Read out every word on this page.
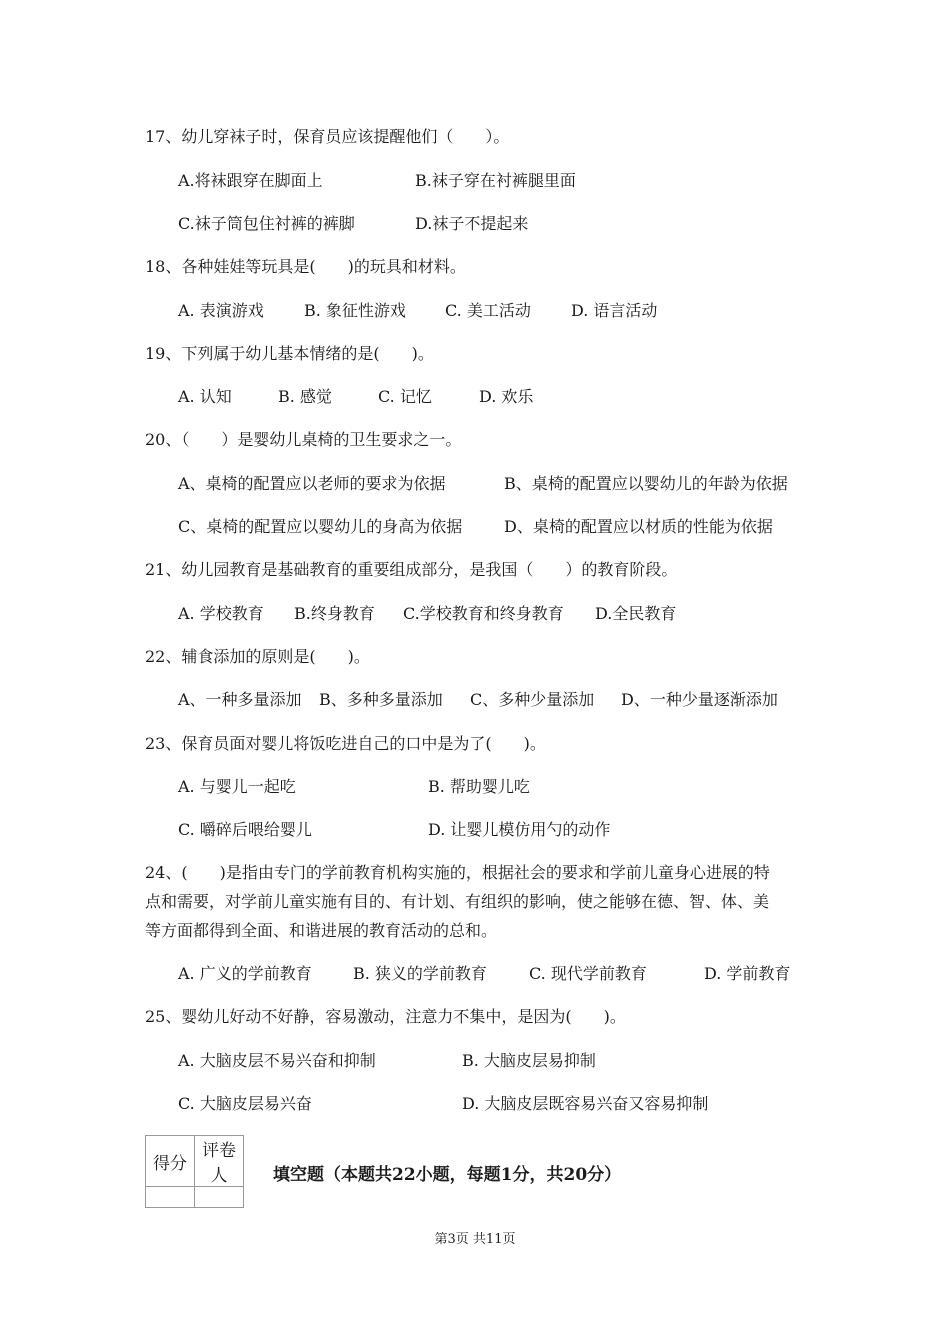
17、幼儿穿袜子时，保育员应该提醒他们（　　）。
A.将袜跟穿在脚面上	B.袜子穿在衬裤腿里面
C.袜子筒包住衬裤的裤脚	D.袜子不提起来
18、各种娃娃等玩具是(　　)的玩具和材料。
A. 表演游戏	B. 象征性游戏 C. 美工活动	D. 语言活动
19、下列属于幼儿基本情绪的是(　　)。
A. 认知	B. 感觉	C. 记忆	D. 欢乐
20、（　　）是婴幼儿桌椅的卫生要求之一。
A、桌椅的配置应以老师的要求为依据	B、桌椅的配置应以婴幼儿的年龄为依据
C、桌椅的配置应以婴幼儿的身高为依据	D、桌椅的配置应以材质的性能为依据
21、幼儿园教育是基础教育的重要组成部分，是我国（　　）的教育阶段。
A. 学校教育 B.终身教育 C.学校教育和终身教育 D.全民教育
22、辅食添加的原则是(　　)。
A、一种多量添加 B、多种多量添加 C、多种少量添加 D、一种少量逐渐添加
23、保育员面对婴儿将饭吃进自己的口中是为了(　　)。
A. 与婴儿一起吃	B. 帮助婴儿吃
C. 嚼碎后喂给婴儿	D. 让婴儿模仿用勺的动作
24、(　　)是指由专门的学前教育机构实施的，根据社会的要求和学前儿童身心进展的特
点和需要，对学前儿童实施有目的、有计划、有组织的影响，使之能够在德、智、体、美
等方面都得到全面、和谐进展的教育活动的总和。
A. 广义的学前教育	B. 狭义的学前教育	C. 现代学前教育	D. 学前教育
25、婴幼儿好动不好静，容易激动，注意力不集中，是因为(　　)。
A. 大脑皮层不易兴奋和抑制	B. 大脑皮层易抑制
C. 大脑皮层易兴奋	D. 大脑皮层既容易兴奋又容易抑制
得分	评卷人
		填空题（本题共22小题，每题1分，共20分）
第3页 共11页
